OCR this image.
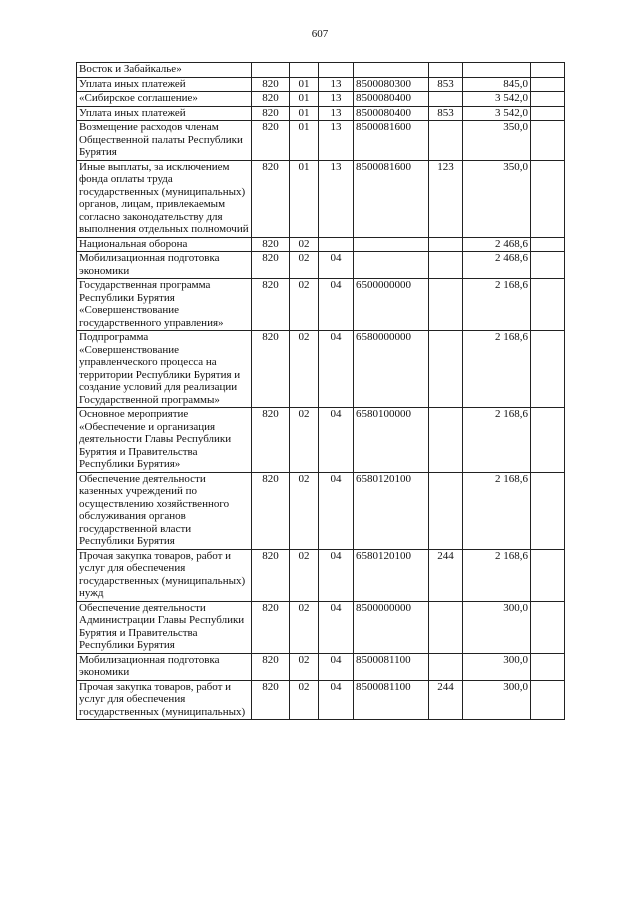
607
Восток и Забайкалье»							
Уплата иных платежей	820	01	13	8500080300	853	845,0	
«Сибирское соглашение»	820	01	13	8500080400		3 542,0	
Уплата иных платежей	820	01	13	8500080400	853	3 542,0	
Возмещение расходов членам Общественной палаты Республики Бурятия	820	01	13	8500081600		350,0	
Иные выплаты, за исключением фонда оплаты труда государственных (муниципальных) органов, лицам, привлекаемым согласно законодательству для выполнения отдельных полномочий	820	01	13	8500081600	123	350,0	
Национальная оборона	820	02				2 468,6	
Мобилизационная подготовка экономики	820	02	04			2 468,6	
Государственная программа Республики Бурятия «Совершенствование государственного управления»	820	02	04	6500000000		2 168,6	
Подпрограмма «Совершенствование управленческого процесса на территории Республики Бурятия и создание условий для реализации Государственной программы»	820	02	04	6580000000		2 168,6	
Основное мероприятие «Обеспечение и организация деятельности Главы Республики Бурятия и Правительства Республики Бурятия»	820	02	04	6580100000		2 168,6	
Обеспечение деятельности казенных учреждений по осуществлению хозяйственного обслуживания органов государственной власти Республики Бурятия	820	02	04	6580120100		2 168,6	
Прочая закупка товаров, работ и услуг для обеспечения государственных (муниципальных) нужд	820	02	04	6580120100	244	2 168,6	
Обеспечение деятельности Администрации Главы Республики Бурятия и Правительства Республики Бурятия	820	02	04	8500000000		300,0	
Мобилизационная подготовка экономики	820	02	04	8500081100		300,0	
Прочая закупка товаров, работ и услуг для обеспечения государственных (муниципальных)	820	02	04	8500081100	244	300,0	
